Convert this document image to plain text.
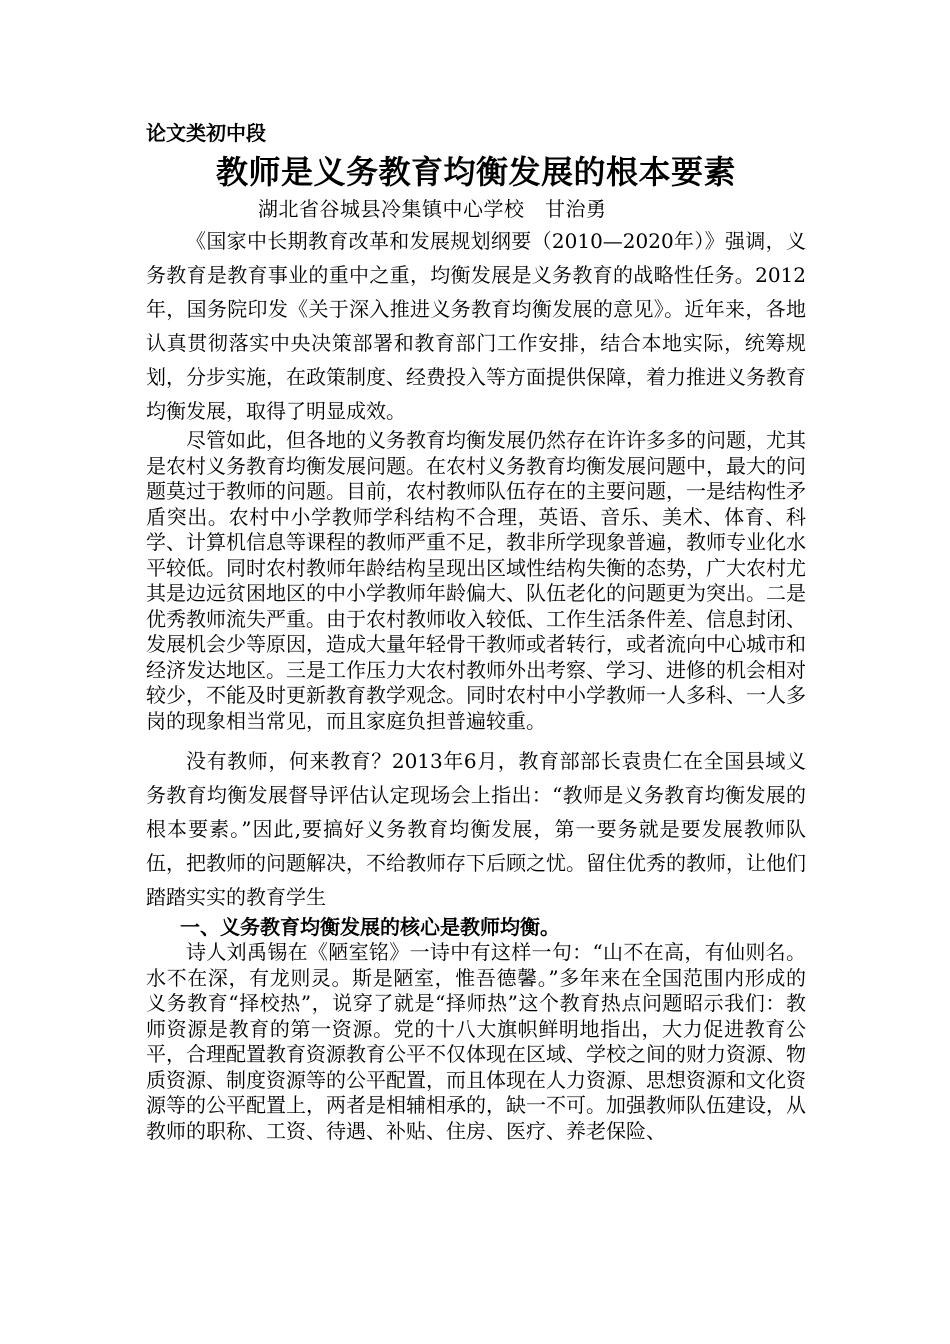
论文类初中段
教师是义务教育均衡发展的根本要素
湖北省谷城县冷集镇中心学校　甘治勇

《国家中长期教育改革和发展规划纲要（2010—2020年）》强调，义务教育是教育事业的重中之重，均衡发展是义务教育的战略性任务。2012年，国务院印发《关于深入推进义务教育均衡发展的意见》。近年来，各地认真贯彻落实中央决策部署和教育部门工作安排，结合本地实际，统筹规划，分步实施，在政策制度、经费投入等方面提供保障，着力推进义务教育均衡发展，取得了明显成效。

尽管如此，但各地的义务教育均衡发展仍然存在许许多多的问题，尤其是农村义务教育均衡发展问题。在农村义务教育均衡发展问题中，最大的问题莫过于教师的问题。目前，农村教师队伍存在的主要问题，一是结构性矛盾突出。农村中小学教师学科结构不合理，英语、音乐、美术、体育、科学、计算机信息等课程的教师严重不足，教非所学现象普遍，教师专业化水平较低。同时农村教师年龄结构呈现出区域性结构失衡的态势，广大农村尤其是边远贫困地区的中小学教师年龄偏大、队伍老化的问题更为突出。二是优秀教师流失严重。由于农村教师收入较低、工作生活条件差、信息封闭、发展机会少等原因，造成大量年轻骨干教师或者转行，或者流向中心城市和经济发达地区。三是工作压力大农村教师外出考察、学习、进修的机会相对较少，不能及时更新教育教学观念。同时农村中小学教师一人多科、一人多岗的现象相当常见，而且家庭负担普遍较重。

没有教师，何来教育？2013年6月，教育部部长袁贵仁在全国县域义务教育均衡发展督导评估认定现场会上指出：“教师是义务教育均衡发展的根本要素。”因此,要搞好义务教育均衡发展，第一要务就是要发展教师队伍，把教师的问题解决，不给教师存下后顾之忧。留住优秀的教师，让他们踏踏实实的教育学生

一、义务教育均衡发展的核心是教师均衡。

诗人刘禹锡在《陋室铭》一诗中有这样一句：“山不在高，有仙则名。水不在深，有龙则灵。斯是陋室，惟吾德馨。”多年来在全国范围内形成的义务教育“择校热”，说穿了就是“择师热”这个教育热点问题昭示我们：教师资源是教育的第一资源。党的十八大旗帜鲜明地指出，大力促进教育公平，合理配置教育资源教育公平不仅体现在区域、学校之间的财力资源、物质资源、制度资源等的公平配置，而且体现在人力资源、思想资源和文化资源等的公平配置上，两者是相辅相承的，缺一不可。加强教师队伍建设，从教师的职称、工资、待遇、补贴、住房、医疗、养老保险、
